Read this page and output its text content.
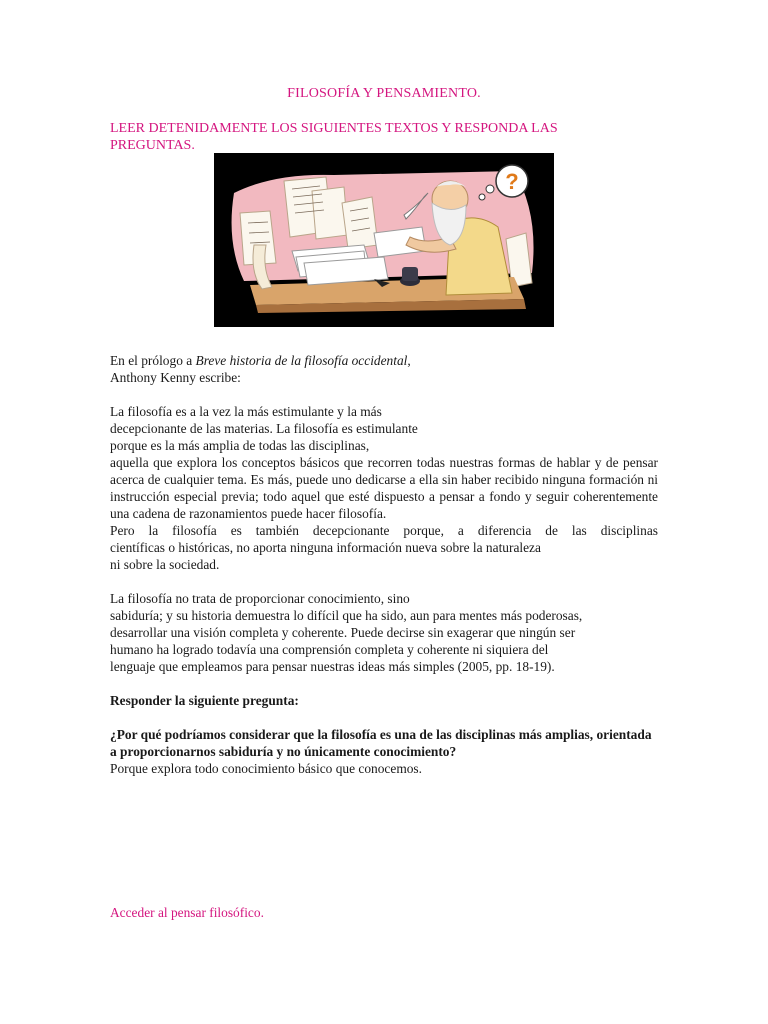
FILOSOFÍA Y PENSAMIENTO.
LEER DETENIDAMENTE LOS SIGUIENTES TEXTOS Y RESPONDA LAS PREGUNTAS.
?

En el prólogo a Breve historia de la filosofía occidental,

Anthony Kenny escribe:

La filosofía es a la vez la más estimulante y la más

decepcionante de las materias. La filosofía es estimulante

porque es la más amplia de todas las disciplinas,

aquella que explora los conceptos básicos que recorren todas nuestras formas de hablar y de pensar acerca de cualquier tema. Es más, puede uno dedicarse a ella sin haber recibido ninguna formación ni instrucción especial previa; todo aquel que esté dispuesto a pensar a fondo y seguir coherentemente una cadena de razonamientos puede hacer filosofía.

Pero la filosofía es también decepcionante porque, a diferencia de las disciplinas

científicas o históricas, no aporta ninguna información nueva sobre la naturaleza

ni sobre la sociedad.

La filosofía no trata de proporcionar conocimiento, sino

sabiduría; y su historia demuestra lo difícil que ha sido, aun para mentes más poderosas,

desarrollar una visión completa y coherente. Puede decirse sin exagerar que ningún ser

humano ha logrado todavía una comprensión completa y coherente ni siquiera del

lenguaje que empleamos para pensar nuestras ideas más simples (2005, pp. 18-19).

Responder la siguiente pregunta:

¿Por qué podríamos considerar que la filosofía es una de las disciplinas más amplias, orientada a proporcionarnos sabiduría y no únicamente conocimiento?

Porque explora todo conocimiento básico que conocemos.

Acceder al pensar filosófico.
